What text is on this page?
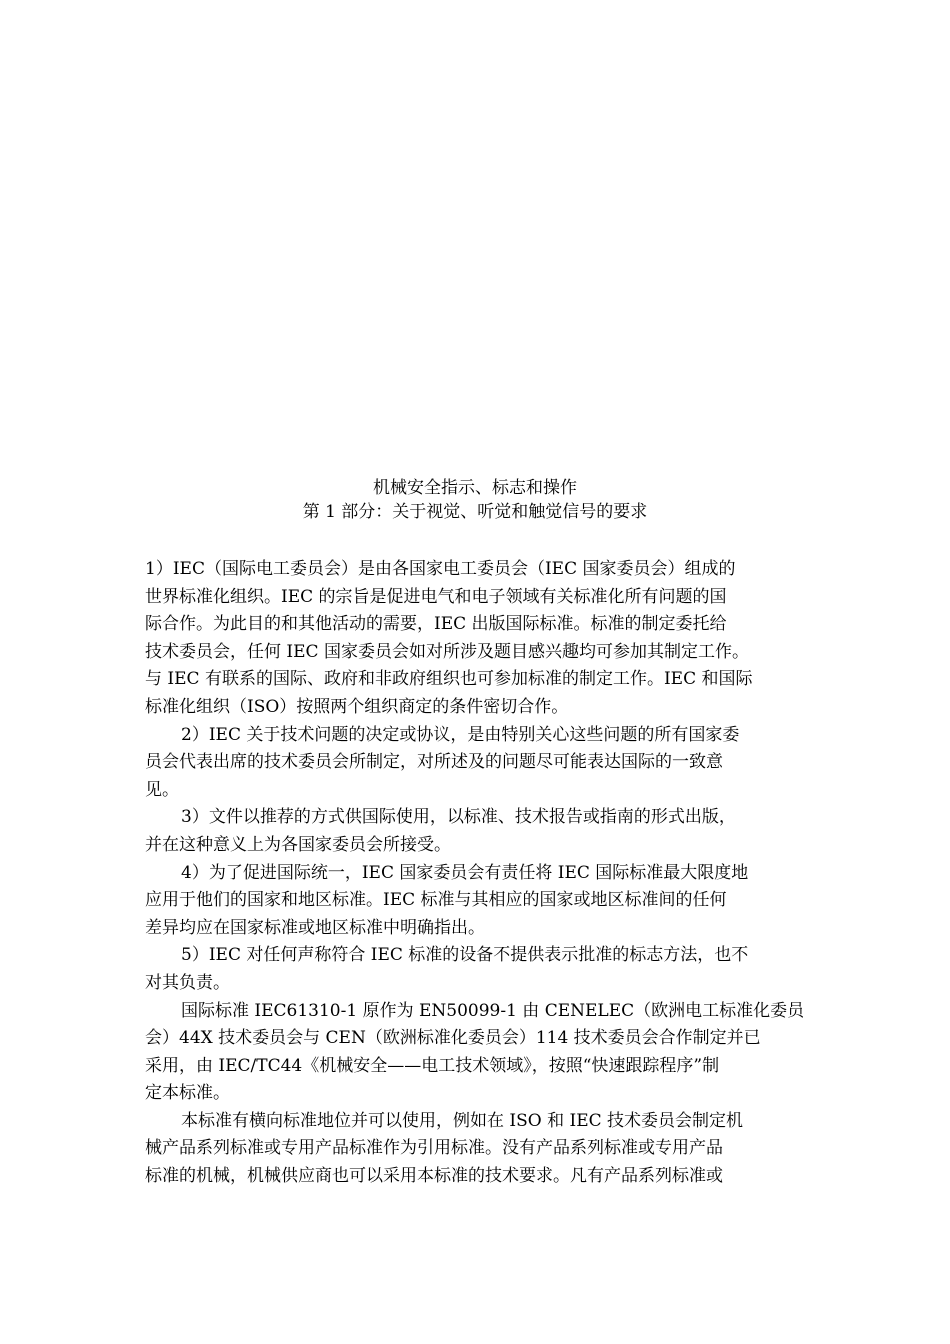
机械安全指示、标志和操作
第 1 部分：关于视觉、听觉和触觉信号的要求
1）IEC（国际电工委员会）是由各国家电工委员会（IEC 国家委员会）组成的
世界标准化组织。IEC 的宗旨是促进电气和电子领域有关标准化所有问题的国
际合作。为此目的和其他活动的需要，IEC 出版国际标准。标准的制定委托给
技术委员会，任何 IEC 国家委员会如对所涉及题目感兴趣均可参加其制定工作。
与 IEC 有联系的国际、政府和非政府组织也可参加标准的制定工作。IEC 和国际
标准化组织（ISO）按照两个组织商定的条件密切合作。
2）IEC 关于技术问题的决定或协议，是由特别关心这些问题的所有国家委
员会代表出席的技术委员会所制定，对所述及的问题尽可能表达国际的一致意
见。
3）文件以推荐的方式供国际使用，以标准、技术报告或指南的形式出版，
并在这种意义上为各国家委员会所接受。
4）为了促进国际统一，IEC 国家委员会有责任将 IEC 国际标准最大限度地
应用于他们的国家和地区标准。IEC 标准与其相应的国家或地区标准间的任何
差异均应在国家标准或地区标准中明确指出。
5）IEC 对任何声称符合 IEC 标准的设备不提供表示批准的标志方法，也不
对其负责。
国际标准 IEC61310-1 原作为 EN50099-1 由 CENELEC（欧洲电工标准化委员
会）44X 技术委员会与 CEN（欧洲标准化委员会）114 技术委员会合作制定并已
采用，由 IEC/TC44《机械安全——电工技术领域》，按照“快速跟踪程序”制
定本标准。
本标准有横向标准地位并可以使用，例如在 ISO 和 IEC 技术委员会制定机
械产品系列标准或专用产品标准作为引用标准。没有产品系列标准或专用产品
标准的机械，机械供应商也可以采用本标准的技术要求。凡有产品系列标准或
